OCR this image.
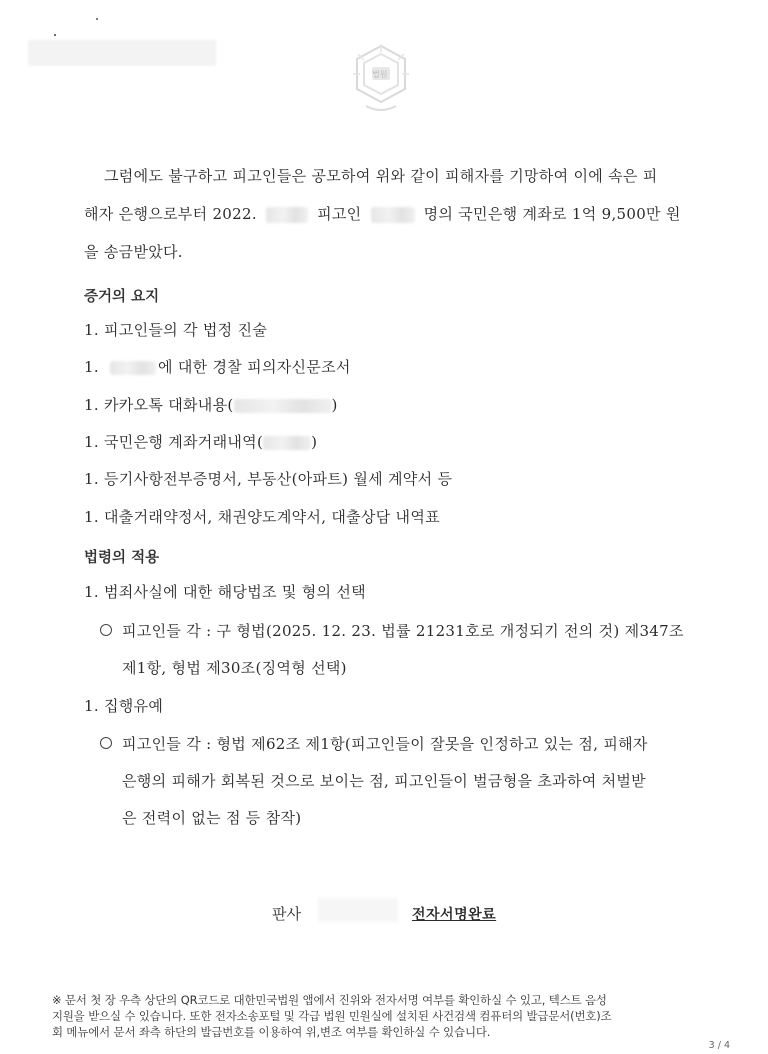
법원
그럼에도 불구하고 피고인들은 공모하여 위와 같이 피해자를 기망하여 이에 속은 피
해자 은행으로부터 2022.	피고인	명의 국민은행 계좌로 1억 9,500만 원
을 송금받았다.
증거의 요지
1. 피고인들의 각 법정 진술
1.	에 대한 경찰 피의자신문조서
1. 카카오톡 대화내용(	)
1. 국민은행 계좌거래내역(	)
1. 등기사항전부증명서, 부동산(아파트) 월세 계약서 등
1. 대출거래약정서, 채권양도계약서, 대출상담 내역표
법령의 적용
1. 범죄사실에 대한 해당법조 및 형의 선택
피고인들 각 : 구 형법(2025. 12. 23. 법률 21231호로 개정되기 전의 것) 제347조
제1항, 형법 제30조(징역형 선택)
1. 집행유예
피고인들 각 : 형법 제62조 제1항(피고인들이 잘못을 인정하고 있는 점, 피해자
은행의 피해가 회복된 것으로 보이는 점, 피고인들이 벌금형을 초과하여 처벌받
은 전력이 없는 점 등 참작)
판사	전자서명완료
※ 문서 첫 장 우측 상단의 QR코드로 대한민국법원 앱에서 진위와 전자서명 여부를 확인하실 수 있고, 텍스트 음성
지원을 받으실 수 있습니다. 또한 전자소송포털 및 각급 법원 민원실에 설치된 사건검색 컴퓨터의 발급문서(번호)조
회 메뉴에서 문서 좌측 하단의 발급번호를 이용하여 위,변조 여부를 확인하실 수 있습니다.
3 / 4
